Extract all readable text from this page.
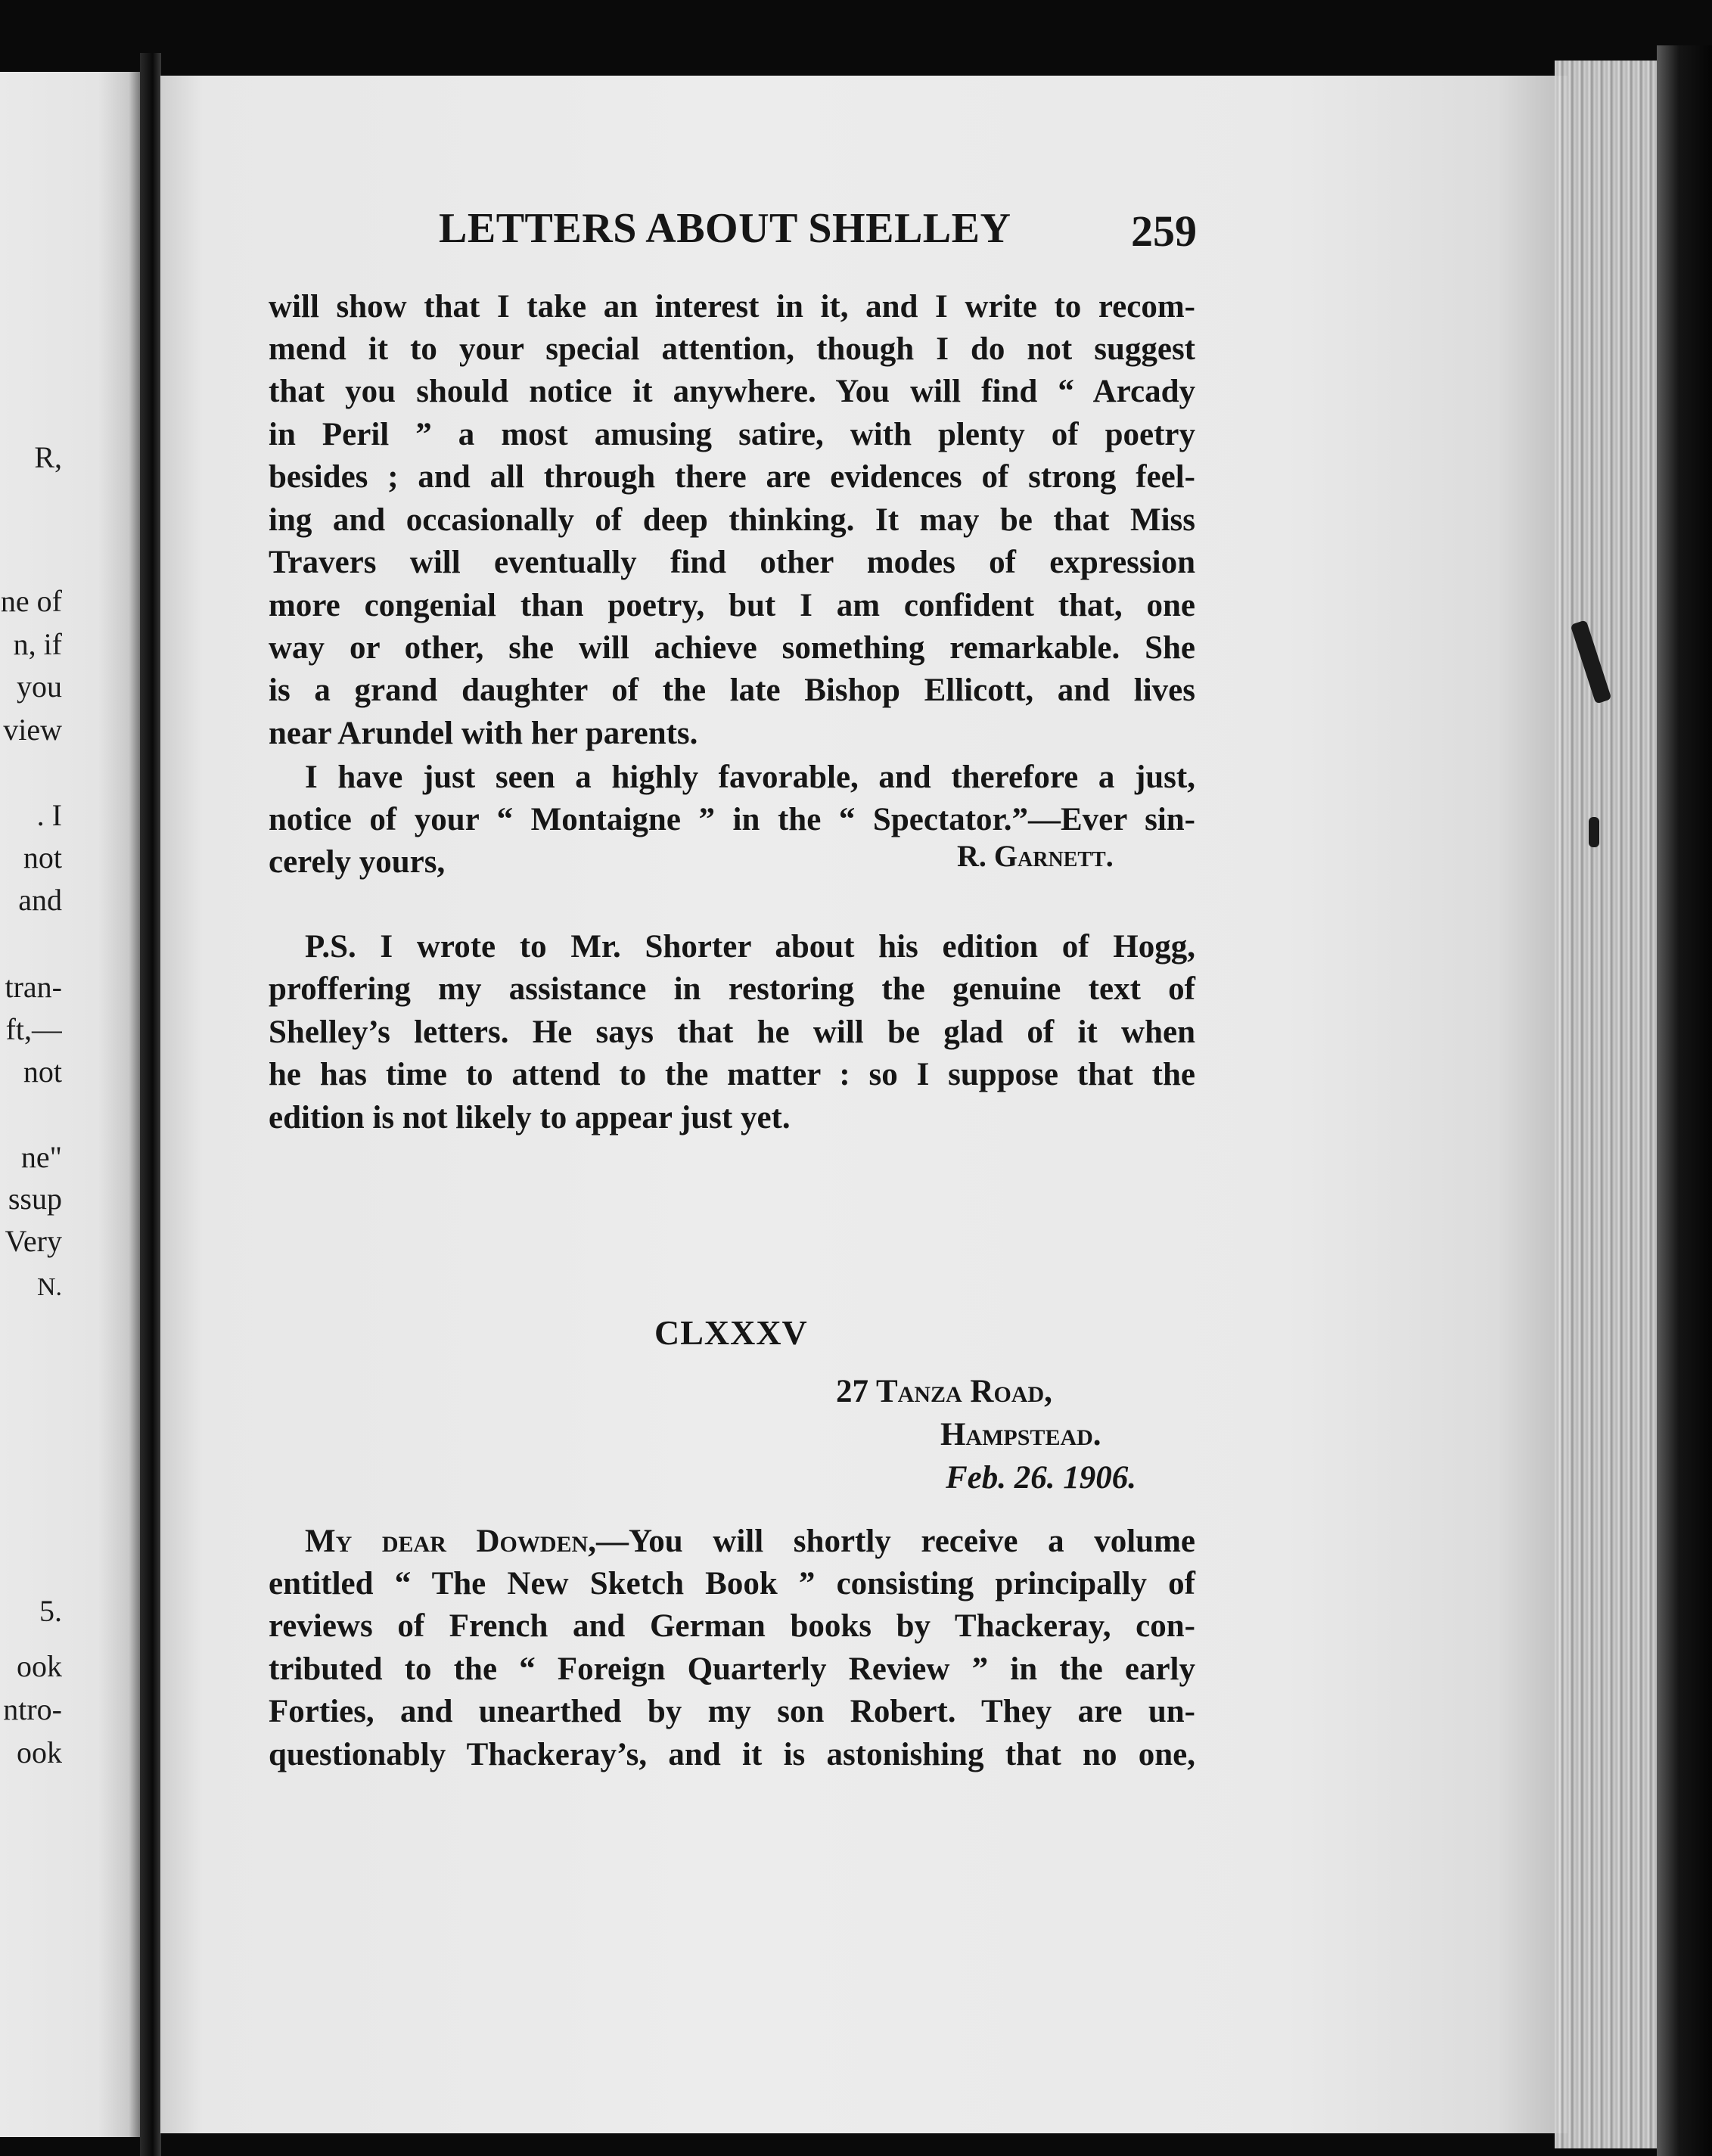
R,
ne of
n, if
you
view
. I
not
and
tran-
ft,—
not
ne"
ssup
Very
N.
5.
ook
ntro-
ook
LETTERS ABOUT SHELLEY	259
will show that I take an interest in it, and I write to recom-
mend it to your special attention, though I do not suggest
that you should notice it anywhere. You will find “ Arcady
in Peril ” a most amusing satire, with plenty of poetry
besides ; and all through there are evidences of strong feel-
ing and occasionally of deep thinking. It may be that Miss
Travers will eventually find other modes of expression
more congenial than poetry, but I am confident that, one
way or other, she will achieve something remarkable. She
is a grand daughter of the late Bishop Ellicott, and lives
near Arundel with her parents.
I have just seen a highly favorable, and therefore a just,
notice of your “ Montaigne ” in the “ Spectator.”—Ever sin-
cerely yours,	R. Garnett.
P.S. I wrote to Mr. Shorter about his edition of Hogg,
proffering my assistance in restoring the genuine text of
Shelley’s letters. He says that he will be glad of it when
he has time to attend to the matter : so I suppose that the
edition is not likely to appear just yet.
CLXXXV
27 Tanza Road,
Hampstead.
Feb. 26. 1906.
My dear Dowden,—You will shortly receive a volume
entitled “ The New Sketch Book ” consisting principally of
reviews of French and German books by Thackeray, con-
tributed to the “ Foreign Quarterly Review ” in the early
Forties, and unearthed by my son Robert. They are un-
questionably Thackeray’s, and it is astonishing that no one,
